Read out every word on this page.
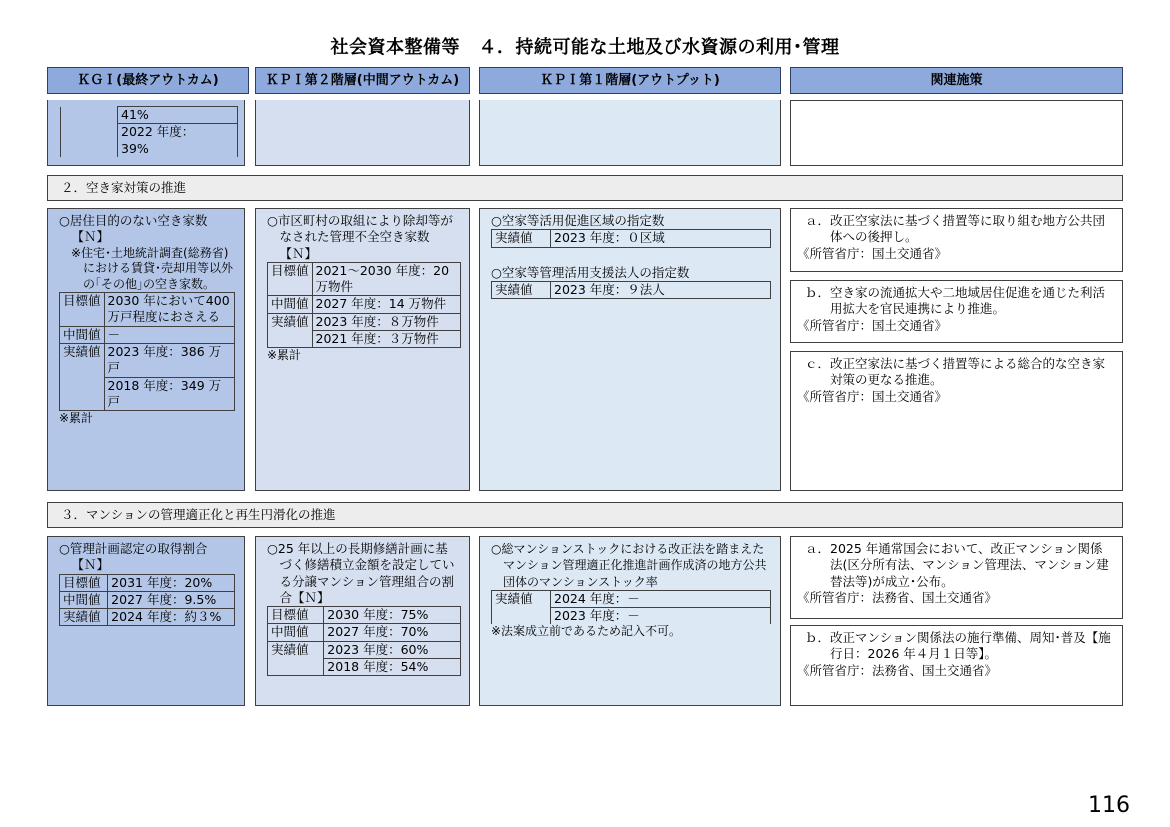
社会資本整備等　４．持続可能な土地及び水資源の利用･管理
ＫＧＩ(最終アウトカム)	ＫＰＩ第２階層(中間アウトカム)	ＫＰＩ第１階層(アウトプット)	関連施策
	41%
	2022 年度：
	39%
２．空き家対策の推進
○居住目的のない空き家数【Ｎ】
※住宅･土地統計調査(総務省)における賃貸･売却用等以外の｢その他｣の空き家数。
目標値	2030 年において400 万戸程度におさえる
中間値	－
実績値	2023 年度：386 万戸
	2018 年度：349 万戸
※累計
○市区町村の取組により除却等がなされた管理不全空き家数【Ｎ】
目標値	2021～2030 年度：20 万物件
中間値	2027 年度：14 万物件
実績値	2023 年度：８万物件
	2021 年度：３万物件
※累計
○空家等活用促進区域の指定数
実績値	2023 年度：０区域
○空家等管理活用支援法人の指定数
実績値	2023 年度：９法人
ａ．改正空家法に基づく措置等に取り組む地方公共団体への後押し。
《所管省庁：国土交通省》
ｂ．空き家の流通拡大や二地域居住促進を通じた利活用拡大を官民連携により推進。
《所管省庁：国土交通省》
ｃ．改正空家法に基づく措置等による総合的な空き家対策の更なる推進。
《所管省庁：国土交通省》
３．マンションの管理適正化と再生円滑化の推進
○管理計画認定の取得割合【Ｎ】
目標値	2031 年度：20%
中間値	2027 年度：9.5%
実績値	2024 年度：約３%
○25 年以上の長期修繕計画に基づく修繕積立金額を設定している分譲マンション管理組合の割合【Ｎ】
目標値	2030 年度：75%
中間値	2027 年度：70%
実績値	2023 年度：60%
	2018 年度：54%
○総マンションストックにおける改正法を踏まえたマンション管理適正化推進計画作成済の地方公共団体のマンションストック率
実績値	2024 年度：－
2023 年度：－
※法案成立前であるため記入不可。
ａ．2025 年通常国会において、改正マンション関係法(区分所有法、マンション管理法、マンション建替法等)が成立･公布。
《所管省庁：法務省、国土交通省》
ｂ．改正マンション関係法の施行準備、周知･普及【施行日：2026 年４月１日等】。
《所管省庁：法務省、国土交通省》
116
